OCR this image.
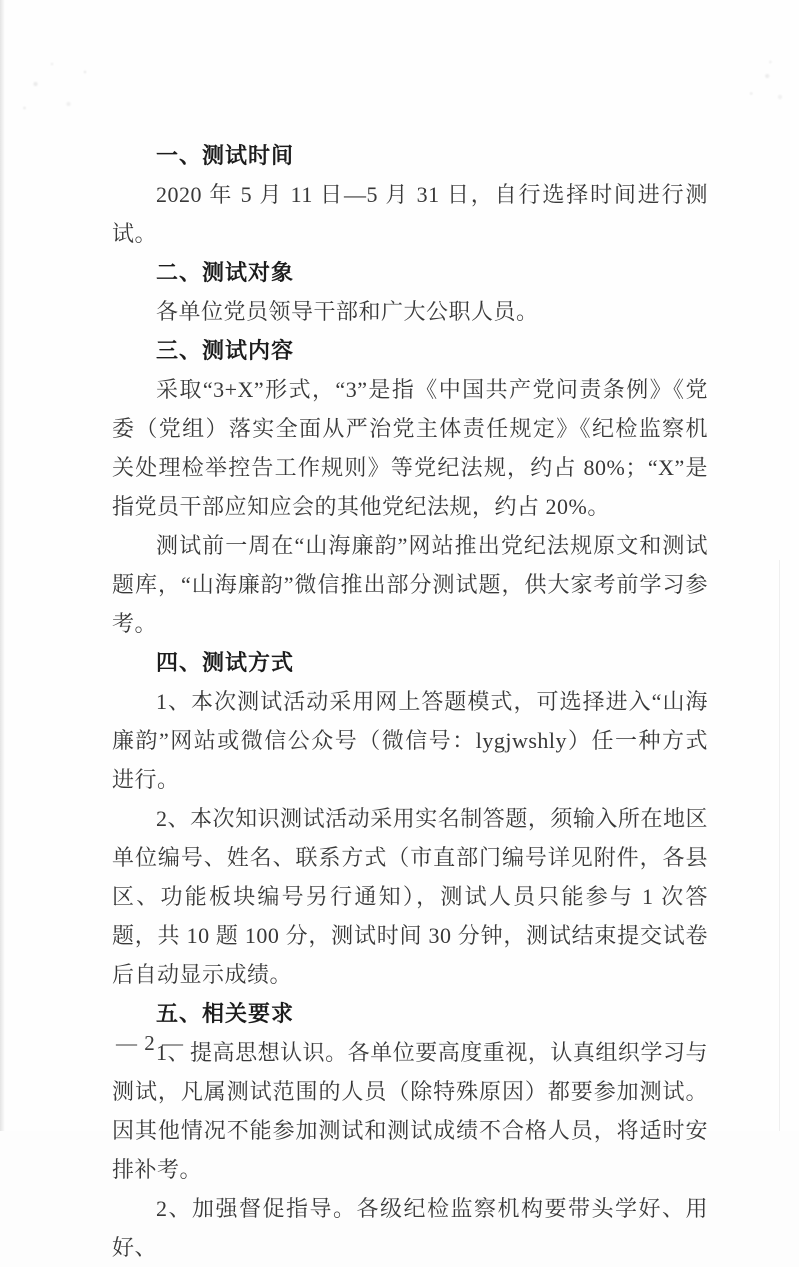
一、测试时间

2020 年 5 月 11 日—5 月 31 日，自行选择时间进行测试。

二、测试对象

各单位党员领导干部和广大公职人员。

三、测试内容

采取“3+X”形式，“3”是指《中国共产党问责条例》《党委（党组）落实全面从严治党主体责任规定》《纪检监察机关处理检举控告工作规则》等党纪法规，约占 80%；“X”是指党员干部应知应会的其他党纪法规，约占 20%。

测试前一周在“山海廉韵”网站推出党纪法规原文和测试题库，“山海廉韵”微信推出部分测试题，供大家考前学习参考。

四、测试方式

1、本次测试活动采用网上答题模式，可选择进入“山海廉韵”网站或微信公众号（微信号：lygjwshly）任一种方式进行。

2、本次知识测试活动采用实名制答题，须输入所在地区单位编号、姓名、联系方式（市直部门编号详见附件，各县区、功能板块编号另行通知），测试人员只能参与 1 次答题，共 10 题 100 分，测试时间 30 分钟，测试结束提交试卷后自动显示成绩。

五、相关要求

1、提高思想认识。各单位要高度重视，认真组织学习与测试，凡属测试范围的人员（除特殊原因）都要参加测试。因其他情况不能参加测试和测试成绩不合格人员，将适时安排补考。

2、加强督促指导。各级纪检监察机构要带头学好、用好、

— 2 —
